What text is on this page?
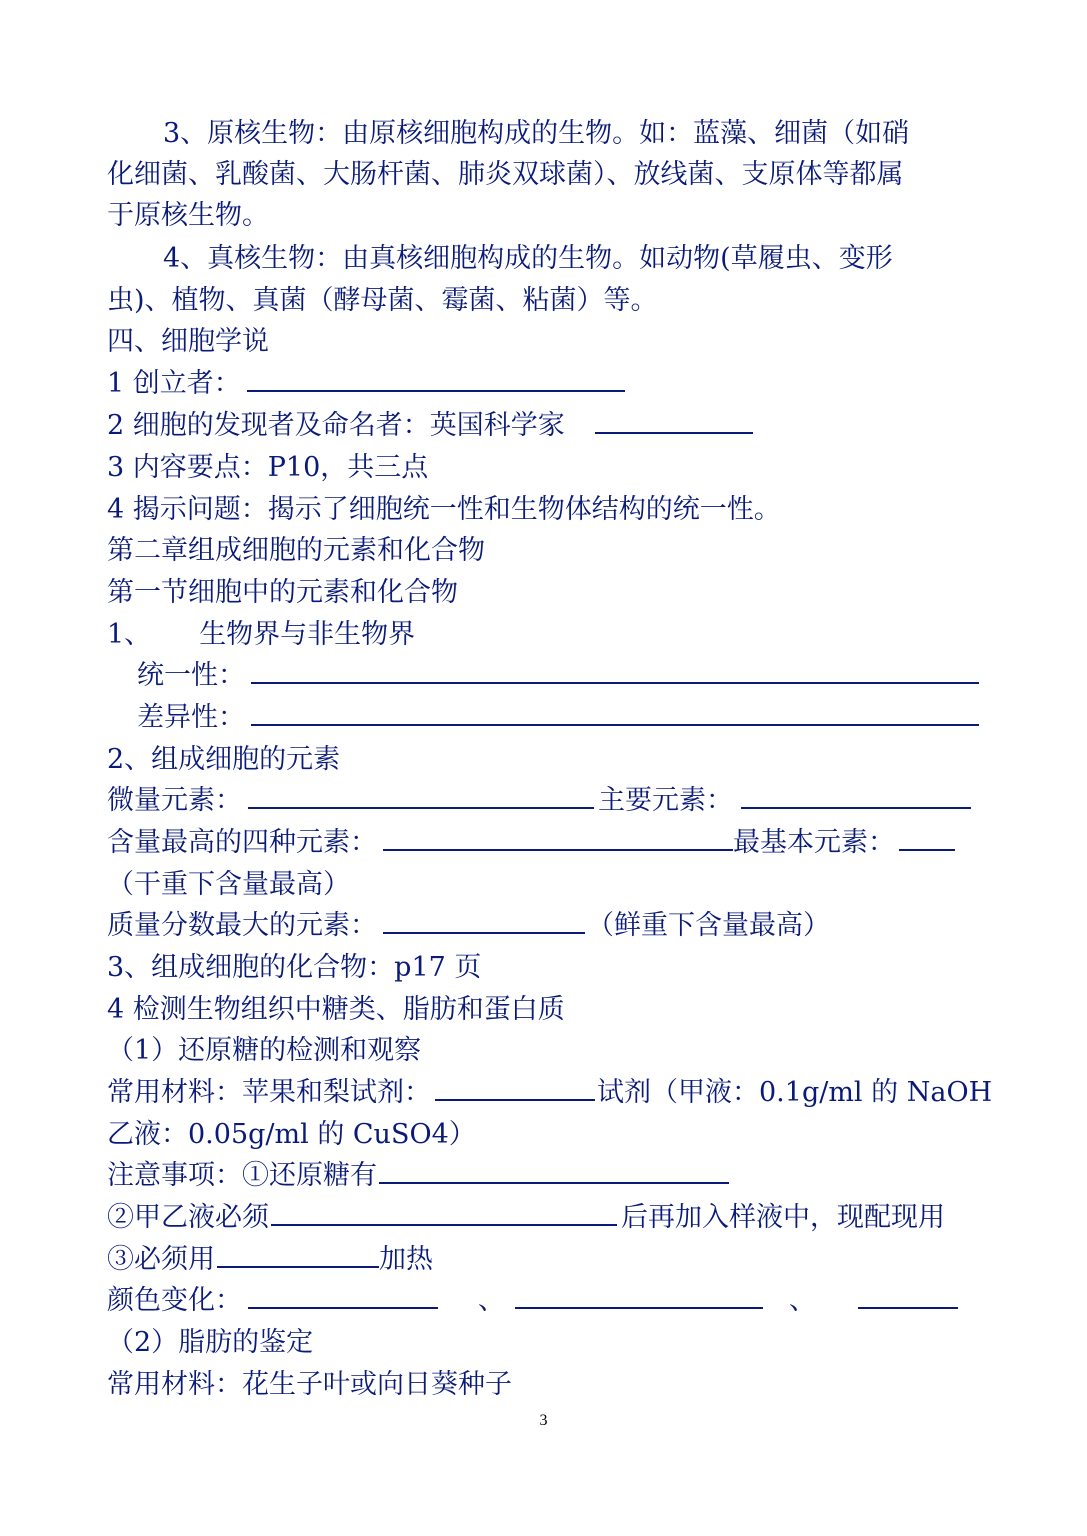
3、原核生物：由原核细胞构成的生物。如：蓝藻、细菌（如硝
化细菌、乳酸菌、大肠杆菌、肺炎双球菌）、放线菌、支原体等都属
于原核生物。
4、真核生物：由真核细胞构成的生物。如动物(草履虫、变形
虫)、植物、真菌（酵母菌、霉菌、粘菌）等。
四、细胞学说
1 创立者：
2 细胞的发现者及命名者：英国科学家
3 内容要点：P10，共三点
4 揭示问题：揭示了细胞统一性和生物体结构的统一性。
第二章组成细胞的元素和化合物
第一节细胞中的元素和化合物
1、 生物界与非生物界
统一性：
差异性：
2、组成细胞的元素
微量元素：	主要元素：
含量最高的四种元素：	最基本元素：
（干重下含量最高）
质量分数最大的元素：	（鲜重下含量最高）
3、组成细胞的化合物：p17 页
4 检测生物组织中糖类、脂肪和蛋白质
（1）还原糖的检测和观察
常用材料：苹果和梨试剂：	试剂（甲液：0.1g/ml 的 NaOH
乙液：0.05g/ml 的 CuSO4）
注意事项：①还原糖有
②甲乙液必须	后再加入样液中，现配现用
③必须用	加热
颜色变化：	、	、
（2）脂肪的鉴定
常用材料：花生子叶或向日葵种子
3
